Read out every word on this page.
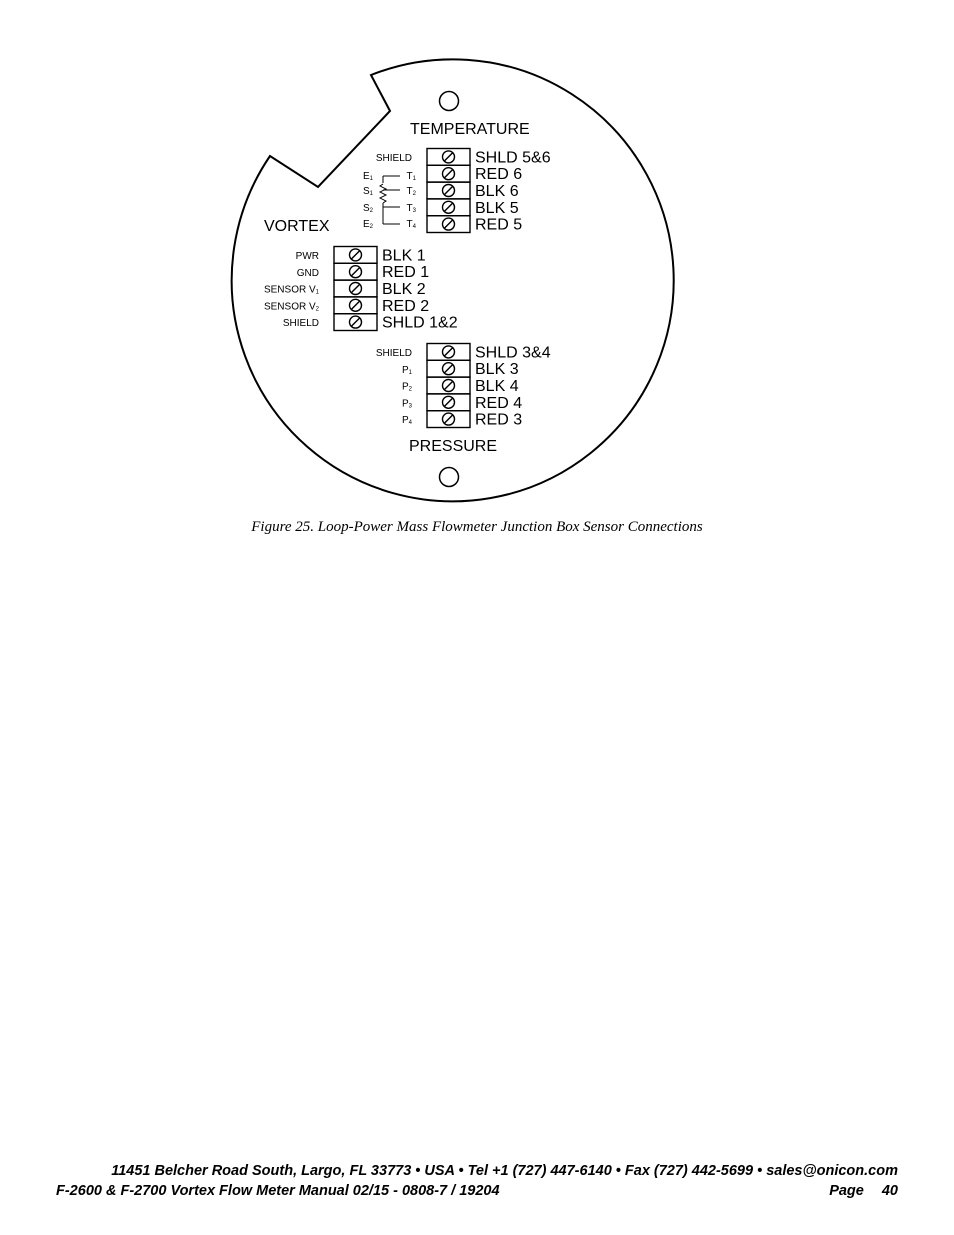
TEMPERATURE
VORTEX
PRESSURE
SHLD 5&6
RED 6
BLK 6
BLK 5
RED 5
BLK 1
RED 1
BLK 2
RED 2
SHLD 1&2
PWR
GND
SENSOR V1
SENSOR V2
SHIELD
SHLD 3&4
BLK 3
BLK 4
RED 4
RED 3
SHIELD
P1
P2
P3
P4
SHIELD
E1
S1
S2
E2
T1
T2
T3
T4
Figure 25. Loop-Power Mass Flowmeter Junction Box Sensor Connections
11451 Belcher Road South, Largo, FL 33773 • USA • Tel +1 (727) 447-6140 • Fax (727) 442-5699 • sales@onicon.com
F-2600 & F-2700 Vortex Flow Meter Manual 02/15 - 0808-7 / 19204	Page 40
